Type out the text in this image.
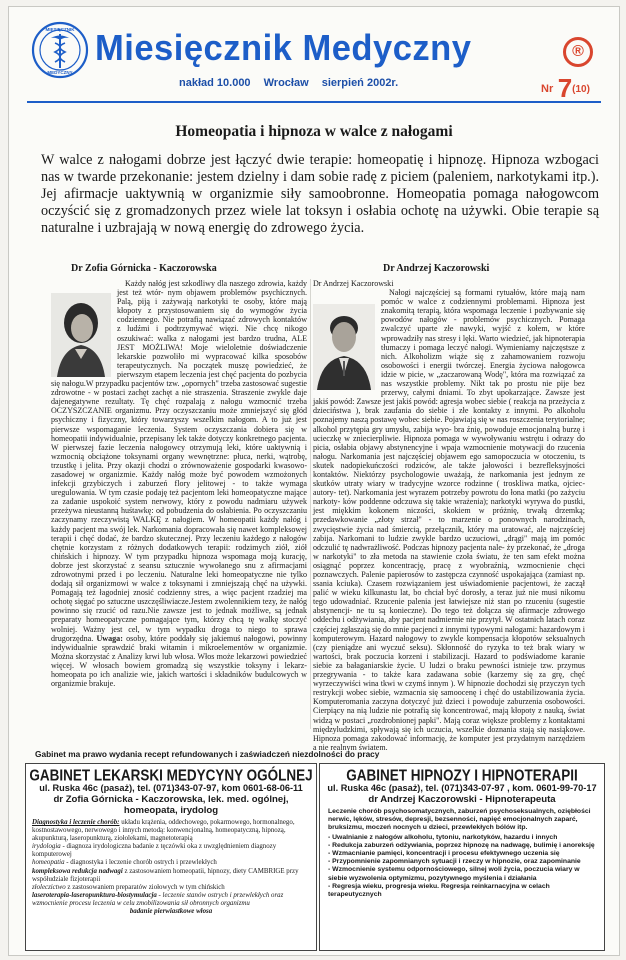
MIESIĘCZNIK
MEDYCZNY
Miesięcznik Medyczny	®
nakład 10.000 Wrocław sierpień 2002r.	Nr 7(10)
Homeopatia i hipnoza w walce z nałogami
W walce z nałogami dobrze jest łączyć dwie terapie: homeopatię i hipnozę. Hipnoza wzbogaci nas w twarde przekonanie: jestem dzielny i dam sobie radę z piciem (paleniem, narkotykami itp.). Jej afirmacje uaktywnią w organizmie siły samoobronne. Homeopatia pomaga nałogowcom oczyścić się z gromadzonych przez wiele lat toksyn i osłabia ochotę na używki. Obie terapie są naturalne i uzbrajają w nową energię do zdrowego życia.
Dr Zofia Górnicka - Kaczorowska	Dr Andrzej Kaczorowski

Każdy nałóg jest szkodliwy dla naszego zdrowia, każdy jest też wtór- nym objawem problemów psychicznych. Palą, piją i zażywają narkotyki te osoby, które mają kłopoty z przystosowaniem się do wymogów życia codziennego. Nie potrafią nawiązać zdrowych kontaktów z ludźmi i podtrzymywać więzi. Nie chcę nikogo oszukiwać: walka z nałogami jest bardzo trudna, ALE JEST MOŻLIWA! Moje wieloletnie doświadczenie lekarskie pozwoliło mi wypracować kilka sposobów terapeutycznych. Na początek muszę powiedzieć, że pierwszym etapem leczenia jest chęć pacjenta do pozbycia się nałogu.W przypadku pacjentów tzw. „opornych" trzeba zastosować sugestie zdrowotne - w postaci zachęt zachęt a nie straszenia. Straszenie zwykle daje dajenegatywne rezultaty. Tę chęć rozpalają z nałogu wzmocnić trzeba OCZYSZCZANIE organizmu. Przy oczyszczaniu może zmniejszyć się głód psychiczny i fizyczny, który towarzyszy wszelkim nałogom. A to już jest pierwsze wspomaganie leczenia. System oczyszczania dobiera się w homeopatii indywidualnie, przepisany lek także dotyczy konkretnego pacjenta. W pierwszej fazie leczenia nałogowcy otrzymują leki, które uaktywnią i wzmocnią obciążone toksynami organy wewnętrzne: płuca, nerki, wątrobę, trzustkę i jelita. Przy okazji chodzi o zrównoważenie gospodarki kwasowo-zasadowej w organizmie. Każdy nałóg może być powodem wzmożonych infekcji grzybiczych i zaburzeń flory jelitowej - to także wymaga uregulowania. W tym czasie podaję też pacjentom leki homeopatyczne mające za zadanie uspokoić system nerwowy, który z powodu nadmiaru używek przeżywa nieustanną huśtawkę: od pobudzenia do osłabienia. Po oczyszczaniu zaczynamy rzeczywistą WALKĘ z nałogiem. W homeopatii każdy nałóg i każdy pacjent ma swój lek. Narkomania dopracowała się nawet kompleksowej terapii i chęć dodać, że bardzo skutecznej. Przy leczeniu każdego z nałogów chętnie korzystam z różnych dodatkowych terapii: rodzimych ziół, ziół chińskich i hipnozy. W tym przypadku hipnoza wspomaga moją kurację, dobrze jest skorzystać z seansu sztucznie wywołanego snu z afirmacjami zdrowotnymi przed i po leczeniu. Naturalne leki homeopatyczne nie tylko dodają sił organizmowi w walce z toksynami i zmniejszają chęć na używki. Pomagają też łagodniej znosić codzienny stres, a więc pacjent rzadziej ma ochotę sięgać po sztuczne uszczęśliwiacze.Jestem zwolennikiem tezy, że nałóg powinno się rzucić od razu.Nie zawsze jest to jednak możliwe, są jednak preparaty homeopatyczne pomagające tym, którzy chcą tę walkę stoczyć wolniej. Ważny jest cel, w tym wypadku droga to niego to sprawa drugorzędna. Uwaga: osoby, które poddały się jakiemuś nałogowi, powinny indywidualnie sprawdzić braki witamin i mikroelementów w organizmie. Można skorzystać z Analizy krwi lub włosa. Włos może lekarzowi powiedzieć więcej. W włosach bowiem gromadzą się wszystkie toksyny i lekarz-homeopata po ich analizie wie, jakich wartości i składników budulcowych w organizmie brakuje.

Dr Andrzej Kaczorowski

Nałogi najczęściej są formami rytuałów, które mają nam pomóc w walce z codziennymi problemami. Hipnoza jest znakomitą terapią, która wspomaga leczenie i pozbywanie się powodów nałogów - problemów psychicznych. Pomaga zwalczyć uparte złe nawyki, wyjść z kołem, w które wprowadziły nas stresy i lęki. Warto wiedzieć, jak hipnoterapia tłumaczy i pomaga leczyć nałogi. Wymieniamy najczęstsze z nich. Alkoholizm wiąże się z zahamowaniem rozwoju osobowości i energii twórczej. Energia życiowa nałogowca idzie w picie, w „zaczarowaną Wodę", która ma rozwiązać za nas wszystkie problemy. Nikt tak po prostu nie pije bez przerwy, całymi dniami. To zbyt upokarzające. Zawsze jest jakiś powód: Zawsze jest jakiś powód: agresja wobec siebie ( reakcja na przeżycia z dzieciństwa ), brak zaufania do siebie i złe kontakty z innymi. Po alkoholu poznajemy naszą postawę wobec siebie. Pojawiają się w nas roszczenia terytorialne; alkohol przytępia gry umysłu, zabija wyo- bra źnię, powoduje emocjonalną burzę i ucieczkę w zniecierpliwie. Hipnoza pomaga w wywoływaniu wstrętu i odrazy do picia, osłabia objawy abstynencyjne i wpaja wzmocnienie motywacji do rzucenia nałogu. Narkomania jest najczęściej objawem ego samopoczucia w otoczeniu, ts skutek nadopiekuńczości rodziców, ale także jałowości i bezrefleksyjności kontaktów. Niektórzy psychologowie uważają, że narkomania jest jednym ze skutków utraty wiary w tradycyjne wzorce rodzinne ( troskliwa matka, ojciec-autory- tet). Narkomania jest wyrazem potrzeby powrotu do łona matki (po zażyciu narkoty- ków poddenne odczuwa się takie wrażenia); narkotyki wyrywa do pustki, jest miękkim kokonem niczości, skokiem w próżnię, trwałą drzemką; przedawkowanie „złoty strzał" - to marzenie o ponownych narodzinach, zwycięstwie życia nad śmiercią, przełącznik, który ma uratować, ale najczęściej zabija. Narkomani to ludzie zwykle bardzo uczuciowi, „drągi" mają im pomóc odczulić tę nadwrażliwość. Podczas hipnozy pacjenta nale- ży przekonać, że „droga w narkotyki" to zła metoda na stawienie czoła światu, że ten sam efekt można osiągnąć poprzez koncentrację, pracę z wyobraźnią, wzmocnienie chęci poznawczych. Palenie papierosów to zastępcza czynność uspokajająca (zamiast np. ssania kciuka). Czasem rozwiązaniem jest uświadomienie pacjentowi, że zaczął palić w wieku kilkunastu lat, bo chciał być dorosły, a teraz już nie musi nikomu tego udowadniać. Rzucenie palenia jest łatwiejsze niż stan po rzuceniu (sugestie abstynencji- ne tu są konieczne). Do tego też dołącza się afirmacje zdrowego oddechu i odżywiania, aby pacjent nadmiernie nie przytył. W ostatnich latach coraz częściej zgłaszają się do mnie pacjenci z innymi typowymi nałogami: hazardowym i komputerowym. Hazard nałogowy to zwykle kompensacja kłopotów seksualnych (czy pieniądze ani wyczuć seksu). Skłonność do ryzyka to też brak wiary w wartości, brak poczucia korzeni i stabilizacji. Hazard to podświadome karanie siebie za bałaganiarskie życie. U ludzi o braku pewności istnieje tzw. przymus przegrywania - to także kara zadawana sobie (karzemy się za grę, chęć wyrzeczywiści wina tkwi w czymś innym ). W hipnozie dochodzi się przyczyn tych restrykcji wobec siebie, wzmacnia się samoocenę i chęć do ustabilizowania życia. Komputeromania zaczyna dotyczyć już dzieci i powoduje zaburzenia osobowości. Cierpiący na nią ludzie nie potrafią się koncentrować, mają kłopoty z nauką, świat widzą w postaci „rozdrobnionej papki". Mają coraz większe problemy z kontaktami międzyludzkimi, spływają się ich uczucia, wszelkie doznania stają się nasiąkowe. Hipnoza pomaga zakodować informację, że komputer jest przydatnym narzędziem a nie realnym światem.

Gabinet ma prawo wydania recept refundowanych i zaświadczeń niezdolności do pracy
GABINET LEKARSKI MEDYCYNY OGÓLNEJ
ul. Ruska 46c (pasaż), tel. (071)343-07-97, kom 0601-68-06-11
dr Zofia Górnicka - Kaczorowska, lek. med. ogólnej,
homeopata, irydolog
Diagnostyka i leczenie chorób: układu krążenia, oddechowego, pokarmowego, hormonalnego, kostnostawowego, nerwowego i innych metodą: konwencjonalną, homeopatyczną, hipnozą, akupunkturą, laseropunkturą, ziołolekami, magnetoterapią
irydologia - diagnoza irydologiczna badanie z tęczówki oka z uwzględnieniem diagnozy komputerowej
homeopatia - diagnostyka i leczenie chorób ostrych i przewlekłych
kompleksowa redukcja nadwagi z zastosowaniem homeopatii, hipnozy, diety CAMBRIGE przy współudziale fizjoterapii
złoleczictwo z zastosowaniem preparatów ziołowych w tym chińskich
laseroterapia-laseropunktura-biostymulacja - leczenie stanów ostrych i przewlekłych oraz wzmocnienie procesu leczenia w celu zmobilizowania sił obronnych organizmu
badanie pierwiastkowe włosa
GABINET HIPNOZY I HIPNOTERAPII
ul. Ruska 46c (pasaż), tel. (071)343-07-97 , kom. 0601-99-70-17
dr Andrzej Kaczorowski - Hipnoterapeuta
Leczenie chorób psychosomatycznych, zaburzeń psychoseksualnych, oziębłości nerwic, lęków, stresów, depresji, bezsenności, napięć emocjonalnych zaparć, bruksizmu, moczeń nocnych u dzieci, przewlekłych bólów itp.
- Uwalnianie z nałogów alkoholu, tytoniu, narkotyków, hazardu i innych
- Redukcja zaburzeń odżywiania, poprzez hipnozę na nadwagę, bulimię i anoreksję
- Wzmacnianie pamięci, koncentracji i procesu efektywnego uczenia się
- Przypomnienie zapomnianych sytuacji i rzeczy w hipnozie, oraz zapominanie
- Wzmocnienie systemu odpornościowego, silnej woli życia, poczucia wiary w siebie wyzwolenia optymizmu, pozytywnego myślenia i działania
- Regresja wieku, progresja wieku. Regresja reinkarnacyjna w celach terapeutycznych
